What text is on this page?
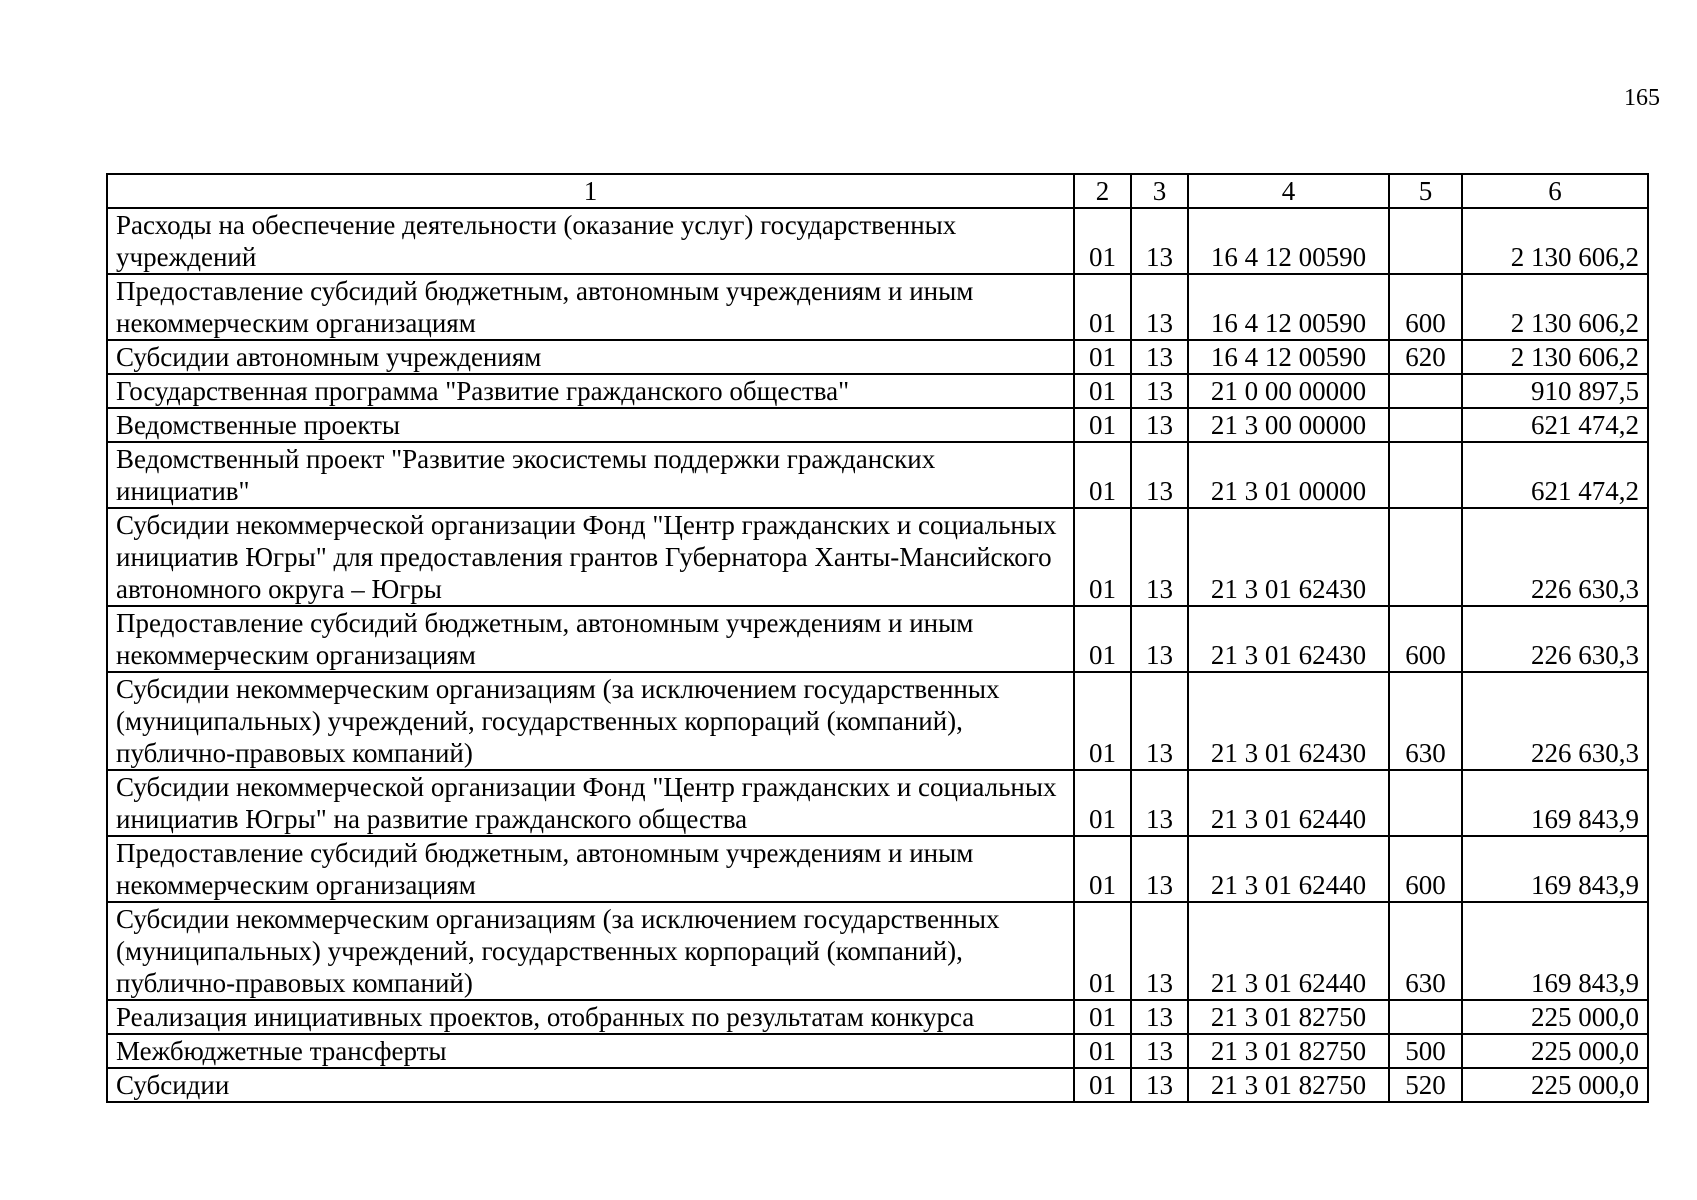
165
1	2	3	4	5	6
Расходы на обеспечение деятельности (оказание услуг) государственных учреждений	01	13	16 4 12 00590		2 130 606,2
Предоставление субсидий бюджетным, автономным учреждениям и иным некоммерческим организациям	01	13	16 4 12 00590	600	2 130 606,2
Субсидии автономным учреждениям	01	13	16 4 12 00590	620	2 130 606,2
Государственная программа "Развитие гражданского общества"	01	13	21 0 00 00000		910 897,5
Ведомственные проекты	01	13	21 3 00 00000		621 474,2
Ведомственный проект "Развитие экосистемы поддержки гражданских инициатив"	01	13	21 3 01 00000		621 474,2
Субсидии некоммерческой организации Фонд "Центр гражданских и социальных инициатив Югры" для предоставления грантов Губернатора Ханты-Мансийского автономного округа – Югры	01	13	21 3 01 62430		226 630,3
Предоставление субсидий бюджетным, автономным учреждениям и иным некоммерческим организациям	01	13	21 3 01 62430	600	226 630,3
Субсидии некоммерческим организациям (за исключением государственных (муниципальных) учреждений, государственных корпораций (компаний), публично-правовых компаний)	01	13	21 3 01 62430	630	226 630,3
Субсидии некоммерческой организации Фонд "Центр гражданских и социальных инициатив Югры" на развитие гражданского общества	01	13	21 3 01 62440		169 843,9
Предоставление субсидий бюджетным, автономным учреждениям и иным некоммерческим организациям	01	13	21 3 01 62440	600	169 843,9
Субсидии некоммерческим организациям (за исключением государственных (муниципальных) учреждений, государственных корпораций (компаний), публично-правовых компаний)	01	13	21 3 01 62440	630	169 843,9
Реализация инициативных проектов, отобранных по результатам конкурса	01	13	21 3 01 82750		225 000,0
Межбюджетные трансферты	01	13	21 3 01 82750	500	225 000,0
Субсидии	01	13	21 3 01 82750	520	225 000,0
